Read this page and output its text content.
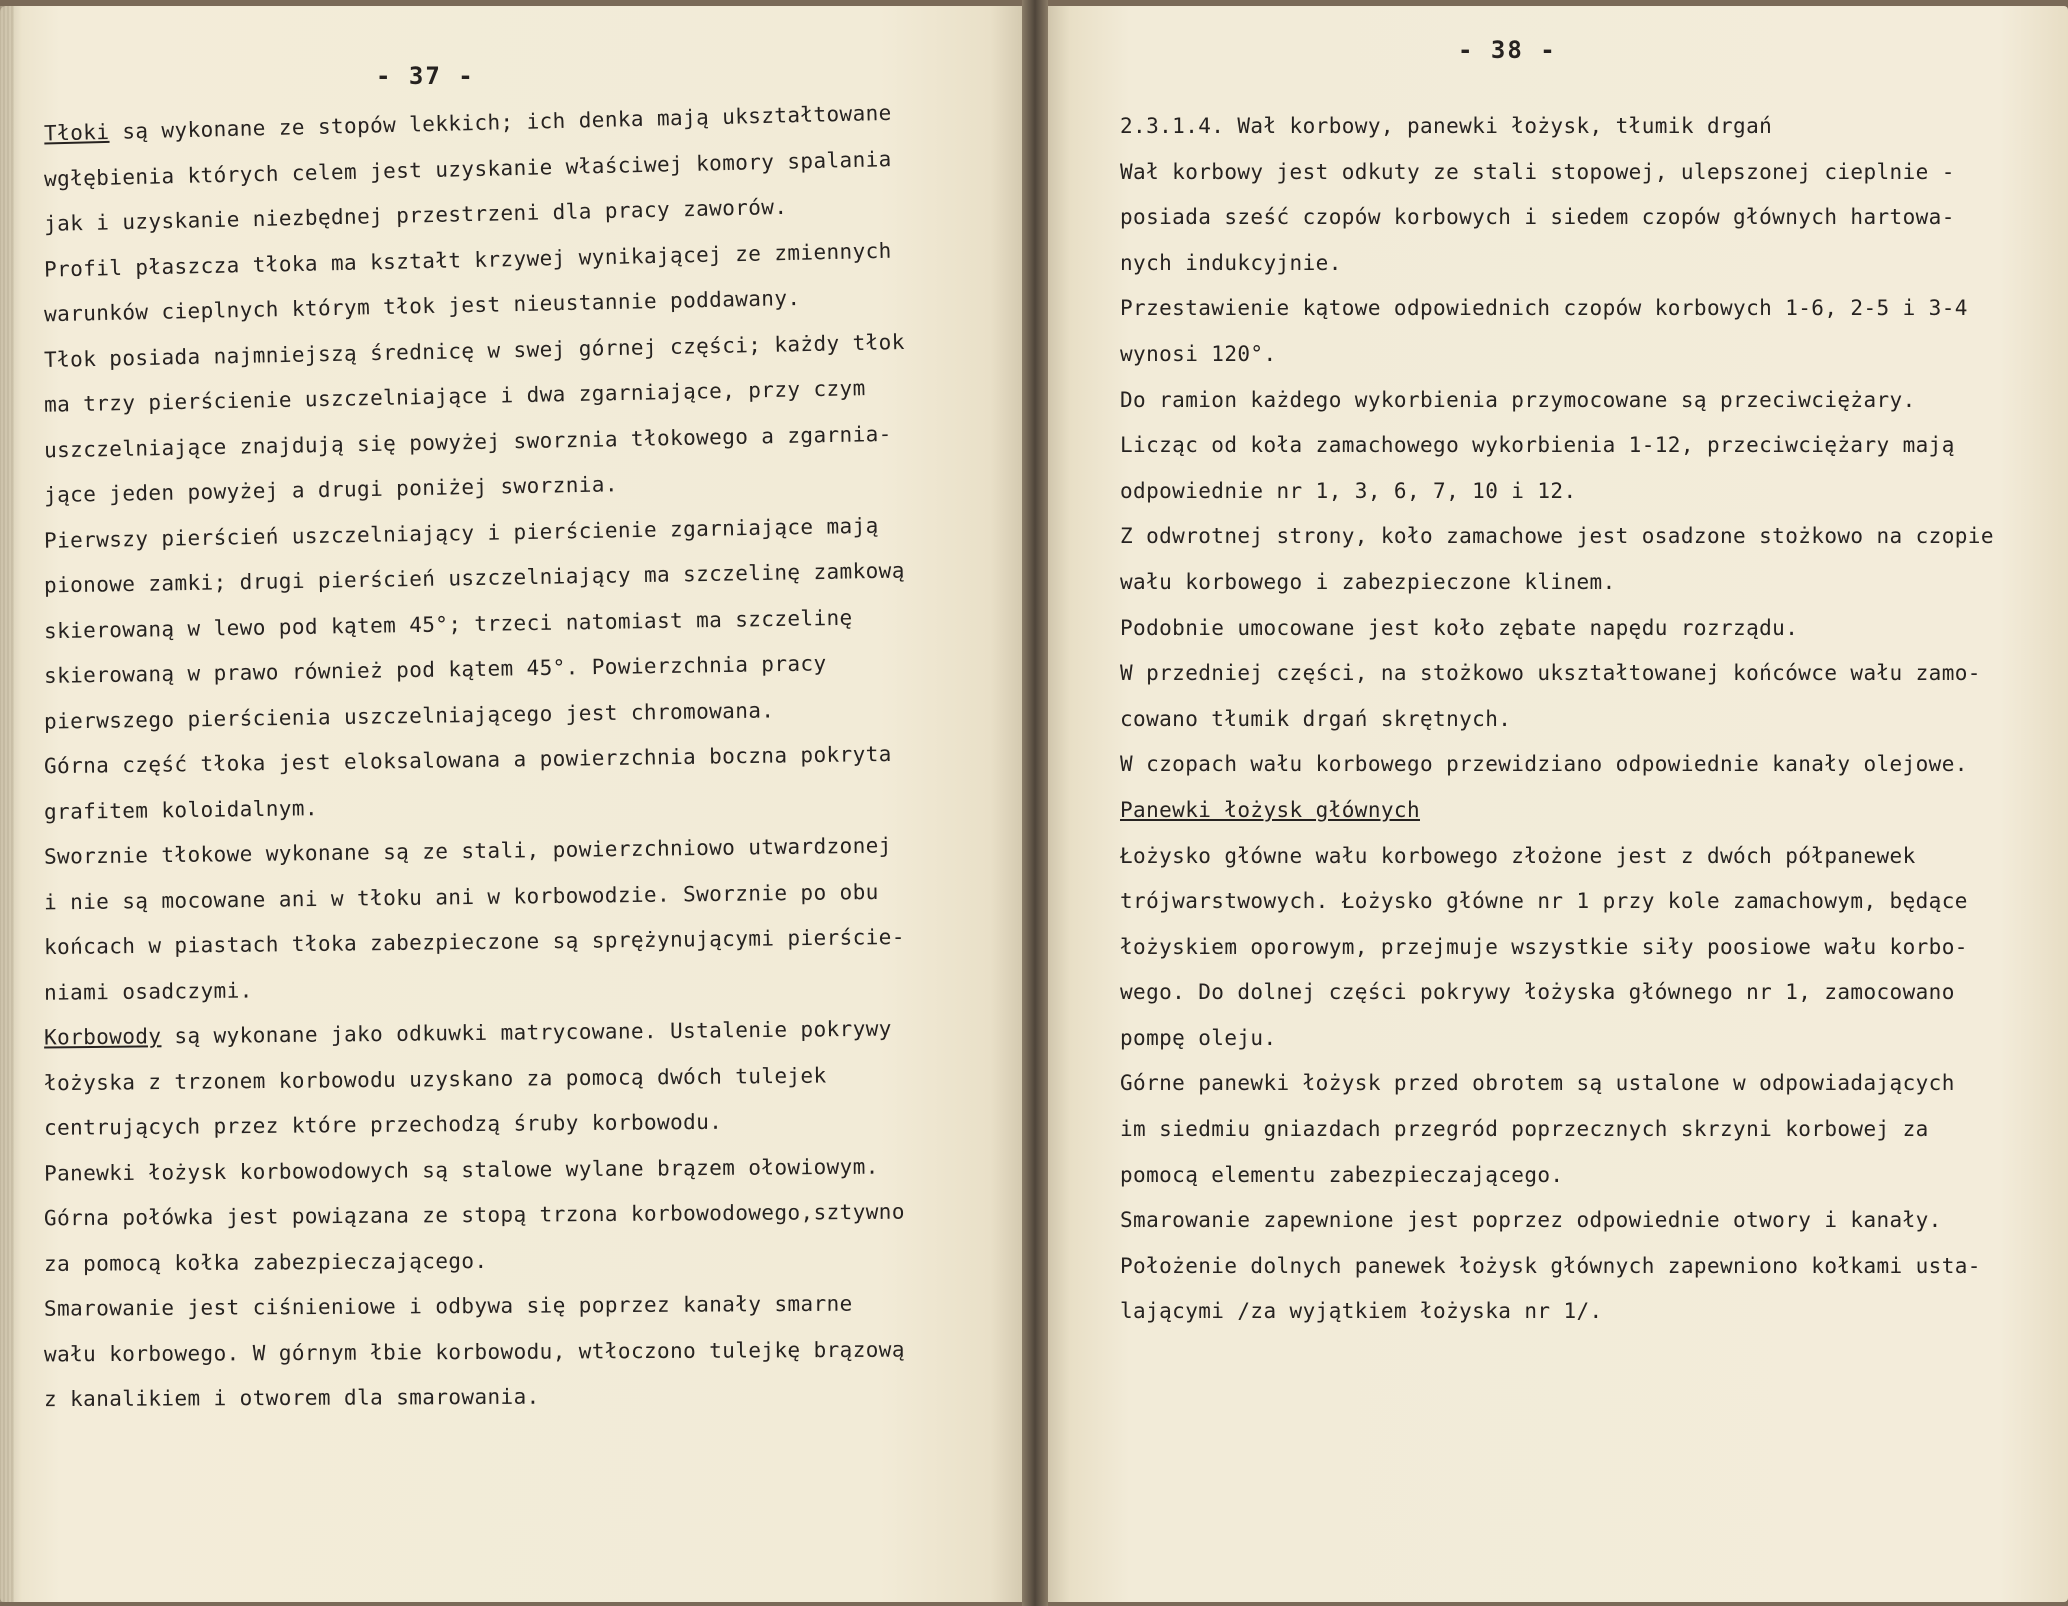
- 37 -
Tłoki są wykonane ze stopów lekkich; ich denka mają ukształtowane
wgłębienia których celem jest uzyskanie właściwej komory spalania
jak i uzyskanie niezbędnej przestrzeni dla pracy zaworów.
Profil płaszcza tłoka ma kształt krzywej wynikającej ze zmiennych
warunków cieplnych którym tłok jest nieustannie poddawany.
Tłok posiada najmniejszą średnicę w swej górnej części; każdy tłok
ma trzy pierścienie uszczelniające i dwa zgarniające, przy czym
uszczelniające znajdują się powyżej sworznia tłokowego a zgarnia-
jące jeden powyżej a drugi poniżej sworznia.
Pierwszy pierścień uszczelniający i pierścienie zgarniające mają
pionowe zamki; drugi pierścień uszczelniający ma szczelinę zamkową
skierowaną w lewo pod kątem 45°; trzeci natomiast ma szczelinę
skierowaną w prawo również pod kątem 45°. Powierzchnia pracy
pierwszego pierścienia uszczelniającego jest chromowana.
Górna część tłoka jest eloksalowana a powierzchnia boczna pokryta
grafitem koloidalnym.
Sworznie tłokowe wykonane są ze stali, powierzchniowo utwardzonej
i nie są mocowane ani w tłoku ani w korbowodzie. Sworznie po obu
końcach w piastach tłoka zabezpieczone są sprężynującymi pierście-
niami osadczymi.
Korbowody są wykonane jako odkuwki matrycowane. Ustalenie pokrywy
łożyska z trzonem korbowodu uzyskano za pomocą dwóch tulejek
centrujących przez które przechodzą śruby korbowodu.
Panewki łożysk korbowodowych są stalowe wylane brązem ołowiowym.
Górna połówka jest powiązana ze stopą trzona korbowodowego,sztywno
za pomocą kołka zabezpieczającego.
Smarowanie jest ciśnieniowe i odbywa się poprzez kanały smarne
wału korbowego. W górnym łbie korbowodu, wtłoczono tulejkę brązową
z kanalikiem i otworem dla smarowania.
- 38 -
2.3.1.4. Wał korbowy, panewki łożysk, tłumik drgań
Wał korbowy jest odkuty ze stali stopowej, ulepszonej cieplnie -
posiada sześć czopów korbowych i siedem czopów głównych hartowa-
nych indukcyjnie.
Przestawienie kątowe odpowiednich czopów korbowych 1-6, 2-5 i 3-4
wynosi 120°.
Do ramion każdego wykorbienia przymocowane są przeciwciężary.
Licząc od koła zamachowego wykorbienia 1-12, przeciwciężary mają
odpowiednie nr 1, 3, 6, 7, 10 i 12.
Z odwrotnej strony, koło zamachowe jest osadzone stożkowo na czopie
wału korbowego i zabezpieczone klinem.
Podobnie umocowane jest koło zębate napędu rozrządu.
W przedniej części, na stożkowo ukształtowanej końcówce wału zamo-
cowano tłumik drgań skrętnych.
W czopach wału korbowego przewidziano odpowiednie kanały olejowe.
Panewki łożysk głównych
Łożysko główne wału korbowego złożone jest z dwóch półpanewek
trójwarstwowych. Łożysko główne nr 1 przy kole zamachowym, będące
łożyskiem oporowym, przejmuje wszystkie siły poosiowe wału korbo-
wego. Do dolnej części pokrywy łożyska głównego nr 1, zamocowano
pompę oleju.
Górne panewki łożysk przed obrotem są ustalone w odpowiadających
im siedmiu gniazdach przegród poprzecznych skrzyni korbowej za
pomocą elementu zabezpieczającego.
Smarowanie zapewnione jest poprzez odpowiednie otwory i kanały.
Położenie dolnych panewek łożysk głównych zapewniono kołkami usta-
lającymi /za wyjątkiem łożyska nr 1/.
